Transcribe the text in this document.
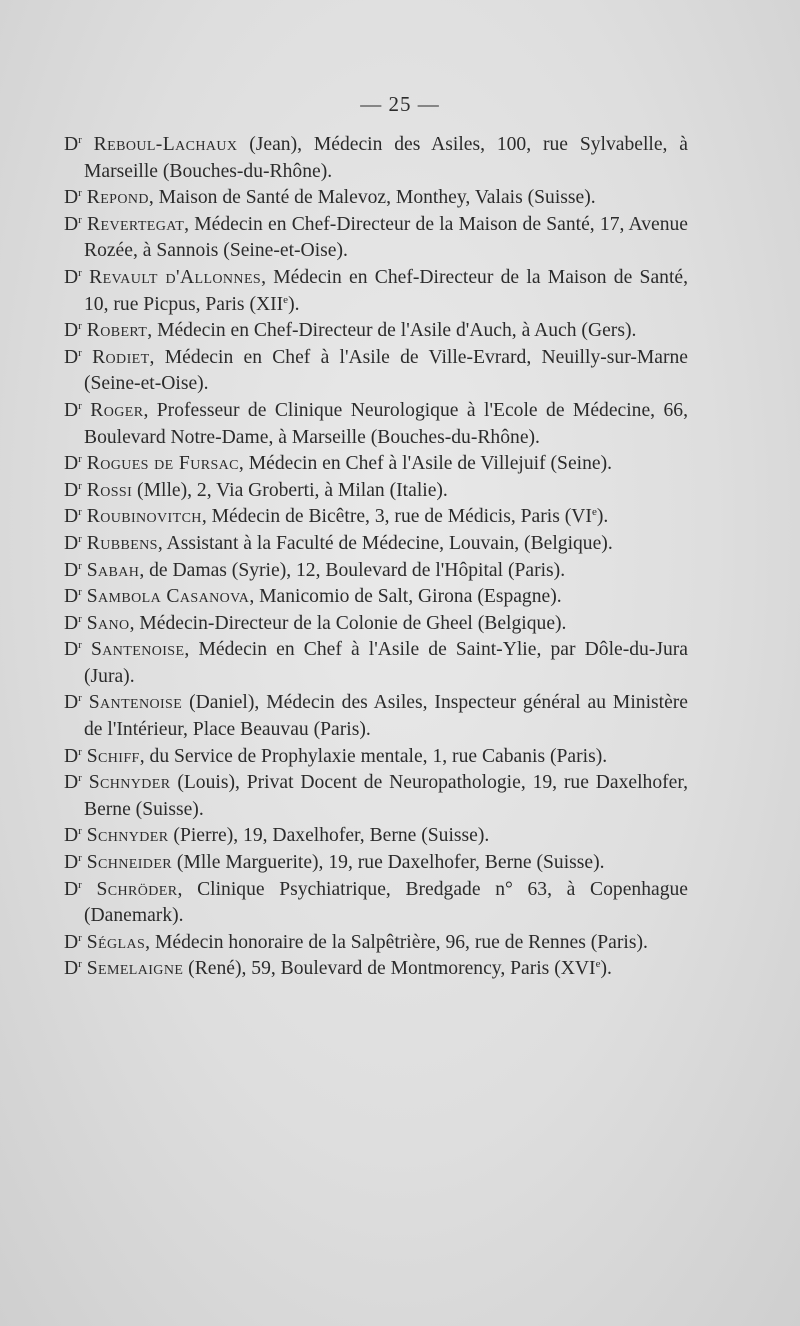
— 25 —
$D^r$ Reboul-Lachaux (Jean), Médecin des Asiles, 100, rue Sylvabelle, à Marseille (Bouches-du-Rhône).
$D^r$ Repond, Maison de Santé de Malevoz, Monthey, Valais (Suisse).
$D^r$ Revertegat, Médecin en Chef-Directeur de la Maison de Santé, 17, Avenue Rozée, à Sannois (Seine-et-Oise).
$D^r$ Revault d'Allonnes, Médecin en Chef-Directeur de la Maison de Santé, 10, rue Picpus, Paris (XIIe).
$D^r$ Robert, Médecin en Chef-Directeur de l'Asile d'Auch, à Auch (Gers).
$D^r$ Rodiet, Médecin en Chef à l'Asile de Ville-Evrard, Neuilly-sur-Marne (Seine-et-Oise).
$D^r$ Roger, Professeur de Clinique Neurologique à l'Ecole de Médecine, 66, Boulevard Notre-Dame, à Marseille (Bouches-du-Rhône).
$D^r$ Rogues de Fursac, Médecin en Chef à l'Asile de Villejuif (Seine).
$D^r$ Rossi (Mlle), 2, Via Groberti, à Milan (Italie).
$D^r$ Roubinovitch, Médecin de Bicêtre, 3, rue de Médicis, Paris (VIe).
$D^r$ Rubbens, Assistant à la Faculté de Médecine, Louvain, (Belgique).
$D^r$ Sabah, de Damas (Syrie), 12, Boulevard de l'Hôpital (Paris).
$D^r$ Sambola Casanova, Manicomio de Salt, Girona (Espagne).
$D^r$ Sano, Médecin-Directeur de la Colonie de Gheel (Belgique).
$D^r$ Santenoise, Médecin en Chef à l'Asile de Saint-Ylie, par Dôle-du-Jura (Jura).
$D^r$ Santenoise (Daniel), Médecin des Asiles, Inspecteur général au Ministère de l'Intérieur, Place Beauvau (Paris).
$D^r$ Schiff, du Service de Prophylaxie mentale, 1, rue Cabanis (Paris).
$D^r$ Schnyder (Louis), Privat Docent de Neuropathologie, 19, rue Daxelhofer, Berne (Suisse).
$D^r$ Schnyder (Pierre), 19, Daxelhofer, Berne (Suisse).
$D^r$ Schneider (Mlle Marguerite), 19, rue Daxelhofer, Berne (Suisse).
$D^r$ Schröder, Clinique Psychiatrique, Bredgade n° 63, à Copenhague (Danemark).
$D^r$ Séglas, Médecin honoraire de la Salpêtrière, 96, rue de Rennes (Paris).
$D^r$ Semelaigne (René), 59, Boulevard de Montmorency, Paris (XVIe).
